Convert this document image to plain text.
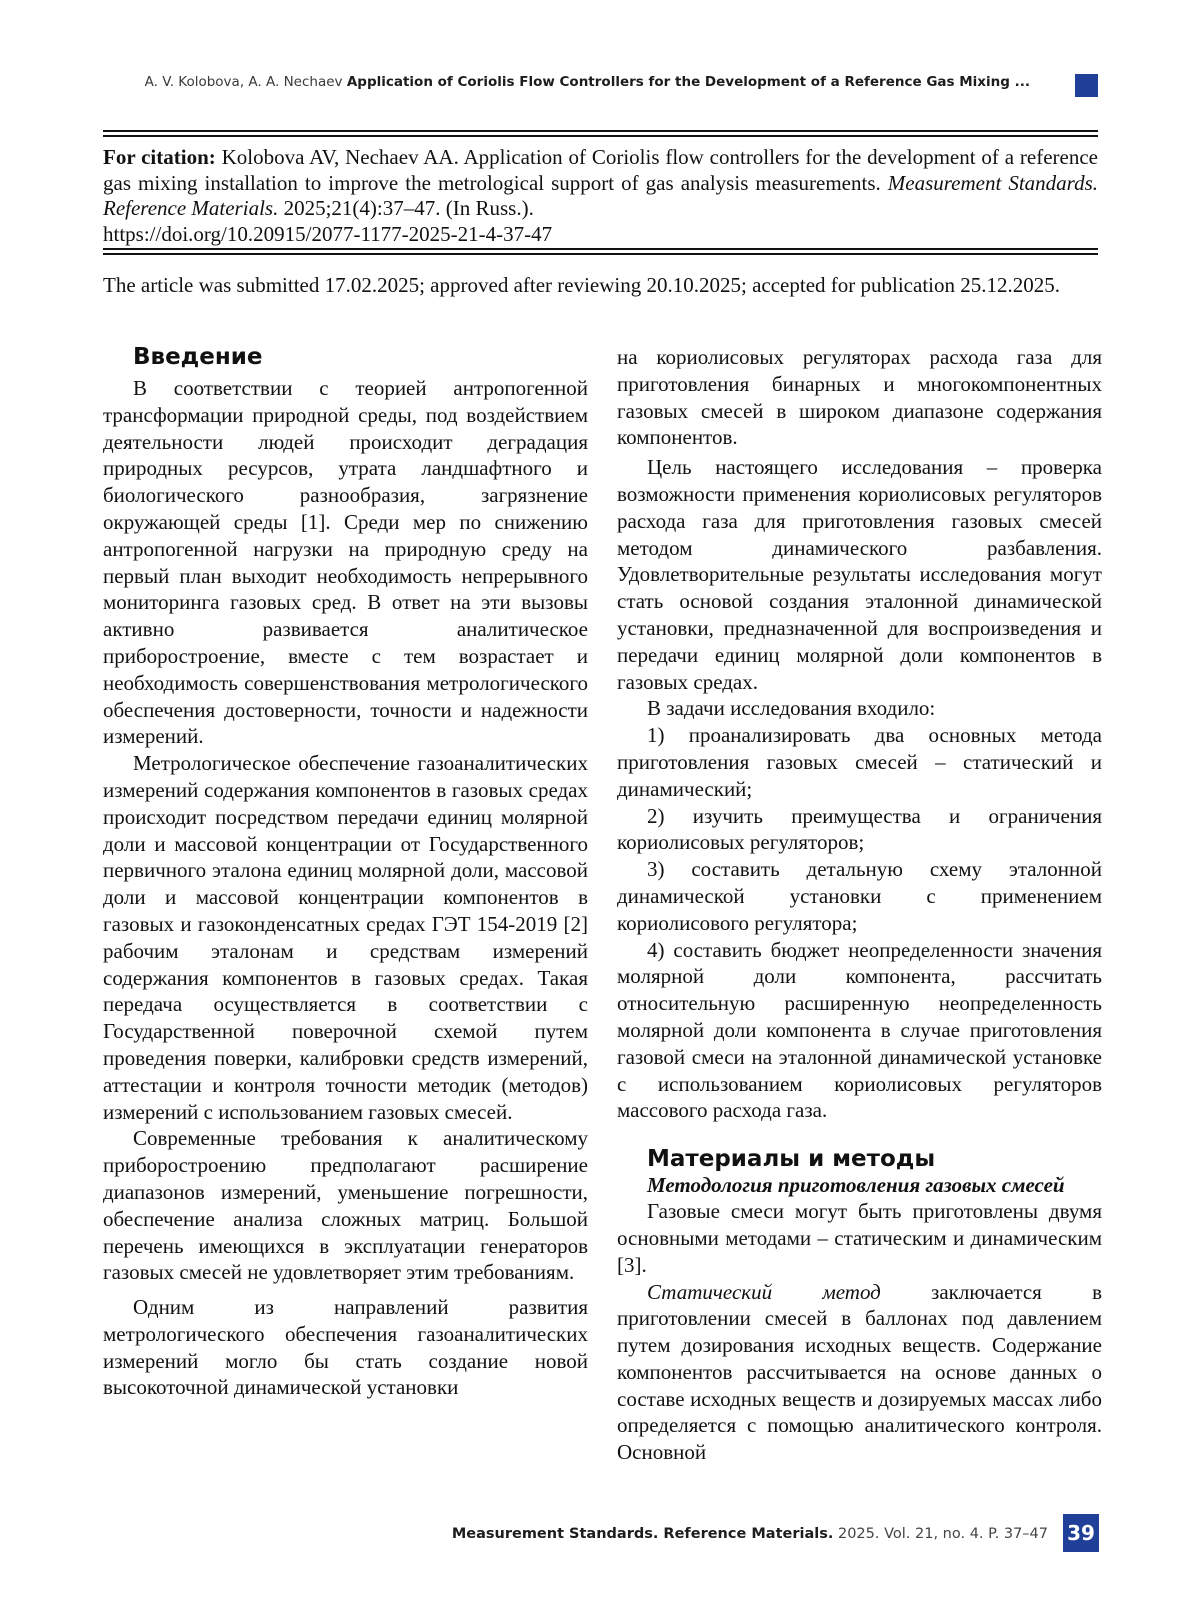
A. V. Kolobova, A. A. Nechaev Application of Coriolis Flow Controllers for the Development of a Reference Gas Mixing ...
For citation: Kolobova AV, Nechaev AA. Application of Coriolis flow controllers for the development of a reference gas mixing installation to improve the metrological support of gas analysis measurements. Measurement Standards. Reference Materials. 2025;21(4):37–47. (In Russ.).
https://doi.org/10.20915/2077-1177-2025-21-4-37-47
The article was submitted 17.02.2025; approved after reviewing 20.10.2025; accepted for publication 25.12.2025.
Введение

В соответствии с теорией антропогенной трансформации природной среды, под воздействием деятельности людей происходит деградация природных ресурсов, утрата ландшафтного и биологического разнообразия, загрязнение окружающей среды [1]. Среди мер по снижению антропогенной нагрузки на природную среду на первый план выходит необходимость непрерывного мониторинга газовых сред. В ответ на эти вызовы активно развивается аналитическое приборостроение, вместе с тем возрастает и необходимость совершенствования метрологического обеспечения достоверности, точности и надежности измерений.

Метрологическое обеспечение газоаналитических измерений содержания компонентов в газовых средах происходит посредством передачи единиц молярной доли и массовой концентрации от Государственного первичного эталона единиц молярной доли, массовой доли и массовой концентрации компонентов в газовых и газоконденсатных средах ГЭТ 154-2019 [2] рабочим эталонам и средствам измерений содержания компонентов в газовых средах. Такая передача осуществляется в соответствии с Государственной поверочной схемой путем проведения поверки, калибровки средств измерений, аттестации и контроля точности методик (методов) измерений с использованием газовых смесей.

Современные требования к аналитическому приборостроению предполагают расширение диапазонов измерений, уменьшение погрешности, обеспечение анализа сложных матриц. Большой перечень имеющихся в эксплуатации генераторов газовых смесей не удовлетворяет этим требованиям.

Одним из направлений развития метрологического обеспечения газоаналитических измерений могло бы стать создание новой высокоточной динамической установки

на кориолисовых регуляторах расхода газа для приготовления бинарных и многокомпонентных газовых смесей в широком диапазоне содержания компонентов.

Цель настоящего исследования – проверка возможности применения кориолисовых регуляторов расхода газа для приготовления газовых смесей методом динамического разбавления. Удовлетворительные результаты исследования могут стать основой создания эталонной динамической установки, предназначенной для воспроизведения и передачи единиц молярной доли компонентов в газовых средах.

В задачи исследования входило:

1) проанализировать два основных метода приготовления газовых смесей – статический и динамический;

2) изучить преимущества и ограничения кориолисовых регуляторов;

3) составить детальную схему эталонной динамической установки с применением кориолисового регулятора;

4) составить бюджет неопределенности значения молярной доли компонента, рассчитать относительную расширенную неопределенность молярной доли компонента в случае приготовления газовой смеси на эталонной динамической установке с использованием кориолисовых регуляторов массового расхода газа.

Материалы и методы
Методология приготовления газовых смесей

Газовые смеси могут быть приготовлены двумя основными методами – статическим и динамическим [3].

Статический метод заключается в приготовлении смесей в баллонах под давлением путем дозирования исходных веществ. Содержание компонентов рассчитывается на основе данных о составе исходных веществ и дозируемых массах либо определяется с помощью аналитического контроля. Основной

Measurement Standards. Reference Materials. 2025. Vol. 21, no. 4. P. 37–47 39
